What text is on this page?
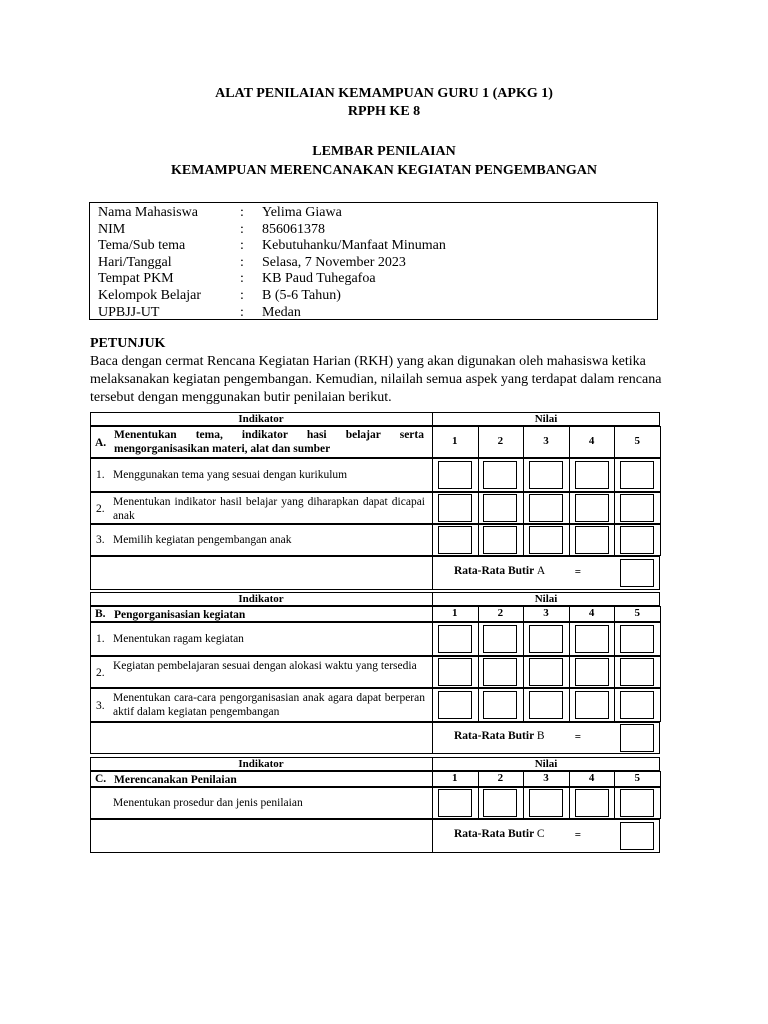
ALAT PENILAIAN KEMAMPUAN GURU 1 (APKG 1)
RPPH KE 8
LEMBAR PENILAIAN
KEMAMPUAN MERENCANAKAN KEGIATAN PENGEMBANGAN
Nama Mahasiswa	: Yelima Giawa
NIM	: 856061378
Tema/Sub tema	: Kebutuhanku/Manfaat Minuman
Hari/Tanggal	: Selasa, 7 November 2023
Tempat PKM	: KB Paud Tuhegafoa
Kelompok Belajar	: B (5-6 Tahun)
UPBJJ-UT	: Medan
PETUNJUK
Baca dengan cermat Rencana Kegiatan Harian (RKH) yang akan digunakan oleh mahasiswa ketika melaksanakan kegiatan pengembangan. Kemudian, nilailah semua aspek yang terdapat dalam rencana tersebut dengan menggunakan butir penilaian berikut.
Indikator	Nilai
A.
Menentukan tema, indikator hasi belajar serta mengorganisasikan materi, alat dan sumber
1	2	3	4	5
1. Menggunakan tema yang sesuai dengan kurikulum
2.
Menentukan indikator hasil belajar yang diharapkan dapat dicapai anak
3. Memilih kegiatan pengembangan anak
Rata-Rata Butir A	=
Indikator	Nilai
B. Pengorganisasian kegiatan	1	2	3	4	5
1. Menentukan ragam kegiatan
2.
Kegiatan pembelajaran sesuai dengan alokasi waktu yang tersedia
3.
Menentukan cara-cara pengorganisasian anak agara dapat berperan aktif dalam kegiatan pengembangan
Rata-Rata Butir B	=
Indikator	Nilai
C. Merencanakan Penilaian	1	2	3	4	5
Menentukan prosedur dan jenis penilaian
Rata-Rata Butir C	=
